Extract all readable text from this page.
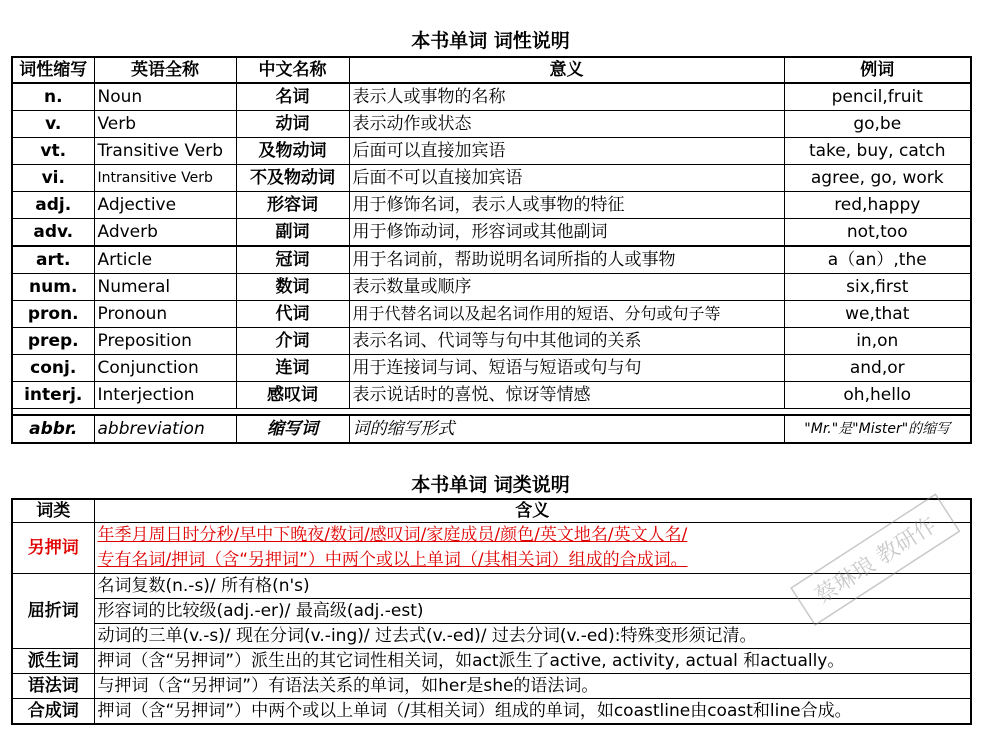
本书单词 词性说明
词性缩写	英语全称	中文名称	意义	例词
n.	Noun	名词	表示人或事物的名称	pencil,fruit
v.	Verb	动词	表示动作或状态	go,be
vt.	Transitive Verb	及物动词	后面可以直接加宾语	take, buy, catch
vi.	Intransitive Verb	不及物动词	后面不可以直接加宾语	agree, go, work
adj.	Adjective	形容词	用于修饰名词，表示人或事物的特征	red,happy
adv.	Adverb	副词	用于修饰动词，形容词或其他副词	not,too
art.	Article	冠词	用于名词前，帮助说明名词所指的人或事物	a（an）,the
num.	Numeral	数词	表示数量或顺序	six,first
pron.	Pronoun	代词	用于代替名词以及起名词作用的短语、分句或句子等	we,that
prep.	Preposition	介词	表示名词、代词等与句中其他词的关系	in,on
conj.	Conjunction	连词	用于连接词与词、短语与短语或句与句	and,or
interj.	Interjection	感叹词	表示说话时的喜悦、惊讶等情感	oh,hello

abbr.	abbreviation	缩写词	词的缩写形式	"Mr."是"Mister"的缩写
本书单词 词类说明
词类	含义
另押词	年季月周日时分秒/早中下晚夜/数词/感叹词/家庭成员/颜色/英文地名/英文人名/
专有名词/押词（含“另押词”）中两个或以上单词（/其相关词）组成的合成词。

屈折词	名词复数(n.-s)/ 所有格(n's)
	形容词的比较级(adj.-er)/ 最高级(adj.-est)
	动词的三单(v.-s)/ 现在分词(v.-ing)/ 过去式(v.-ed)/ 过去分词(v.-ed):特殊变形须记清。
派生词	押词（含“另押词”）派生出的其它词性相关词，如act派生了active, activity, actual 和actually。
语法词	与押词（含“另押词”）有语法关系的单词，如her是she的语法词。
合成词	押词（含“另押词”）中两个或以上单词（/其相关词）组成的单词，如coastline由coast和line合成。
蔡琳琅 教研作
